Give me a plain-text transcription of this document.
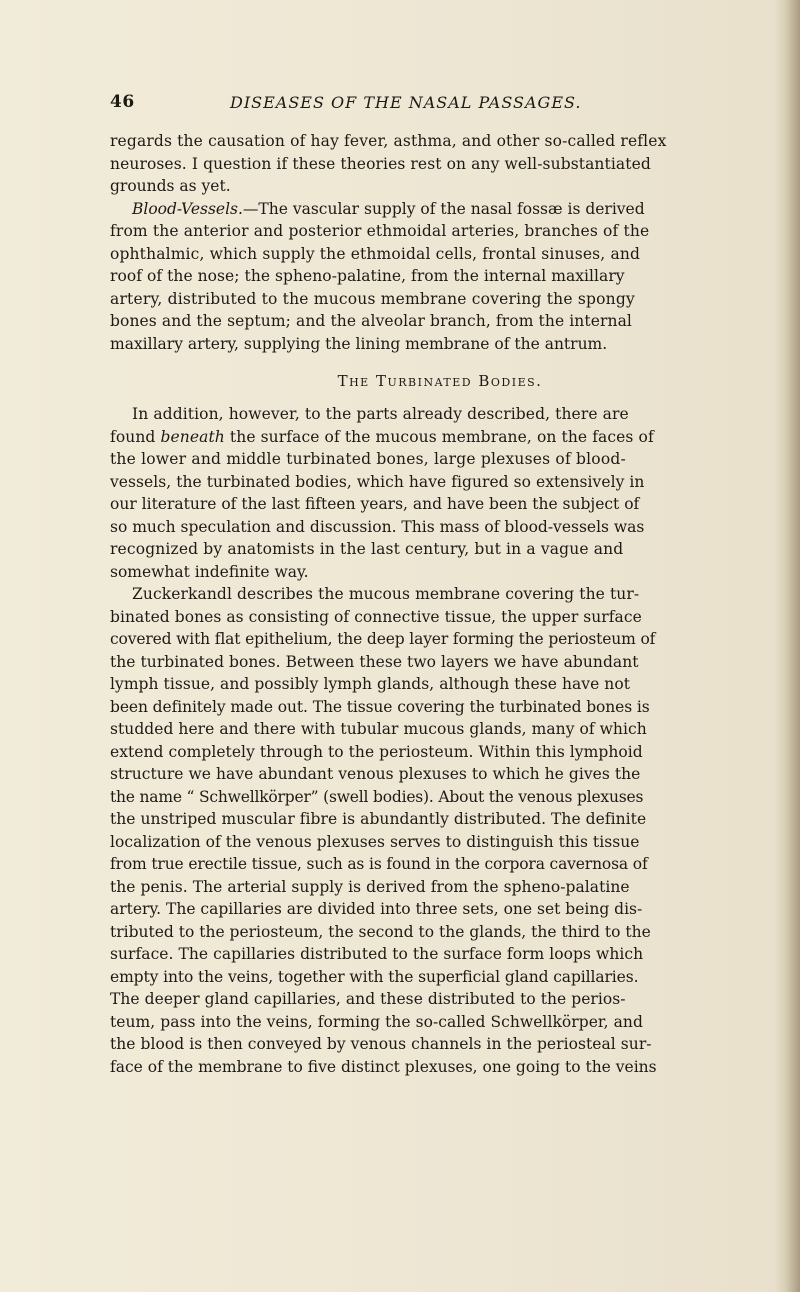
46	DISEASES OF THE NASAL PASSAGES.
regards the causation of hay fever, asthma, and other so-called reflex
neuroses. I question if these theories rest on any well-substantiated
grounds as yet.
Blood-Vessels.—The vascular supply of the nasal fossæ is derived
from the anterior and posterior ethmoidal arteries, branches of the
ophthalmic, which supply the ethmoidal cells, frontal sinuses, and
roof of the nose; the spheno-palatine, from the internal maxillary
artery, distributed to the mucous membrane covering the spongy
bones and the septum; and the alveolar branch, from the internal
maxillary artery, supplying the lining membrane of the antrum.
The Turbinated Bodies.
In addition, however, to the parts already described, there are
found beneath the surface of the mucous membrane, on the faces of
the lower and middle turbinated bones, large plexuses of blood-
vessels, the turbinated bodies, which have figured so extensively in
our literature of the last fifteen years, and have been the subject of
so much speculation and discussion. This mass of blood-vessels was
recognized by anatomists in the last century, but in a vague and
somewhat indefinite way.
Zuckerkandl describes the mucous membrane covering the tur-
binated bones as consisting of connective tissue, the upper surface
covered with flat epithelium, the deep layer forming the periosteum of
the turbinated bones. Between these two layers we have abundant
lymph tissue, and possibly lymph glands, although these have not
been definitely made out. The tissue covering the turbinated bones is
studded here and there with tubular mucous glands, many of which
extend completely through to the periosteum. Within this lymphoid
structure we have abundant venous plexuses to which he gives the
the name “ Schwellkörper” (swell bodies). About the venous plexuses
the unstriped muscular fibre is abundantly distributed. The definite
localization of the venous plexuses serves to distinguish this tissue
from true erectile tissue, such as is found in the corpora cavernosa of
the penis. The arterial supply is derived from the spheno-palatine
artery. The capillaries are divided into three sets, one set being dis-
tributed to the periosteum, the second to the glands, the third to the
surface. The capillaries distributed to the surface form loops which
empty into the veins, together with the superficial gland capillaries.
The deeper gland capillaries, and these distributed to the perios-
teum, pass into the veins, forming the so-called Schwellkörper, and
the blood is then conveyed by venous channels in the periosteal sur-
face of the membrane to five distinct plexuses, one going to the veins
